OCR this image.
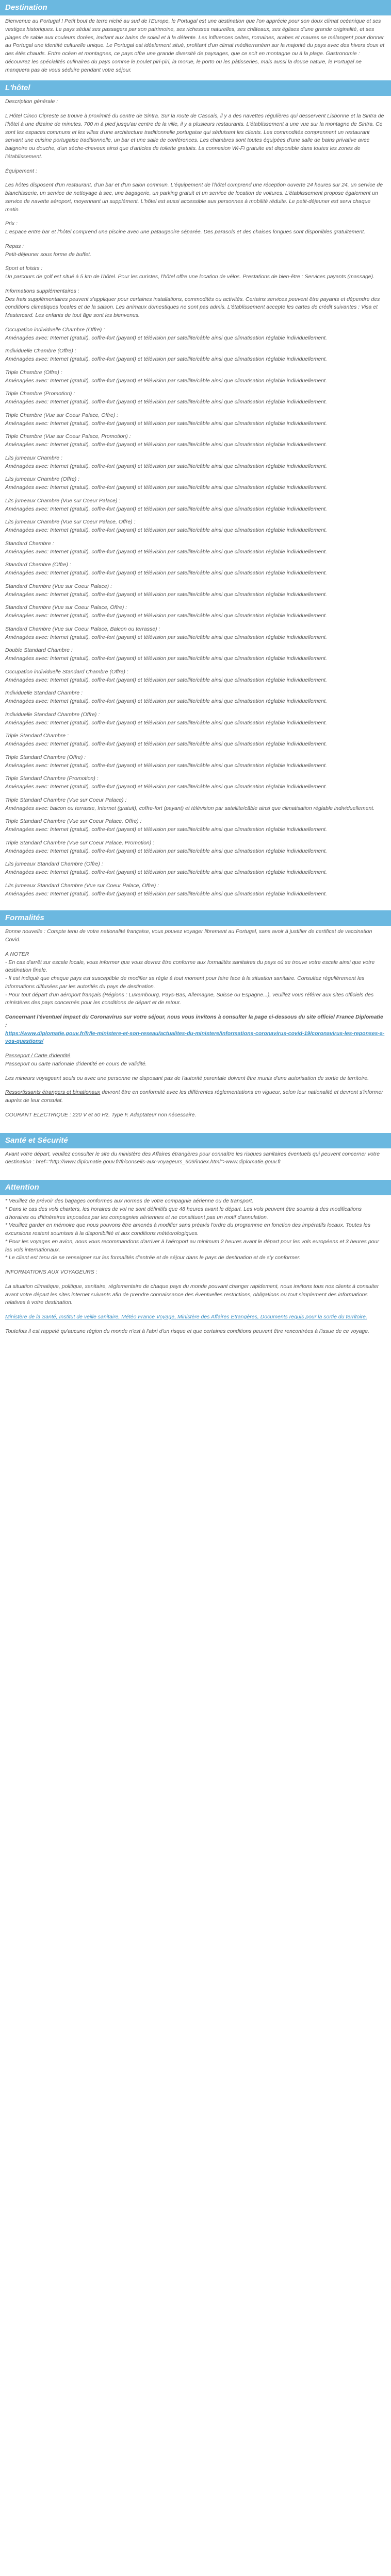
Destination

Bienvenue au Portugal ! Petit bout de terre niché au sud de l'Europe, le Portugal est une destination que l'on apprécie pour son doux climat océanique et ses vestiges historiques. Le pays séduit ses passagers par son patrimoine, ses richesses naturelles, ses châteaux, ses églises d'une grande originalité, et ses plages de sable aux couleurs dorées, invitant aux bains de soleil et à la détente. Les influences celtes, romaines, arabes et maures se mélangent pour donner au Portugal une identité culturelle unique. Le Portugal est idéalement situé, profitant d'un climat méditerranéen sur la majorité du pays avec des hivers doux et des étés chauds. Entre océan et montagnes, ce pays offre une grande diversité de paysages, que ce soit en montagne ou à la plage. Gastronomie : découvrez les spécialités culinaires du pays comme le poulet piri-piri, la morue, le porto ou les pâtisseries, mais aussi la douce nature, le Portugal ne manquera pas de vous séduire pendant votre séjour.

L'hôtel

Description générale :

L'Hôtel Cinco Cipreste se trouve à proximité du centre de Sintra. Sur la route de Cascais, il y a des navettes régulières qui desservent Lisbonne et la Sintra de l'hôtel à une dizaine de minutes. 700 m à pied jusqu'au centre de la ville, il y a plusieurs restaurants. L'établissement a une vue sur la montagne de Sintra. Ce sont les espaces communs et les villas d'une architecture traditionnelle portugaise qui séduisent les clients. Les commodités comprennent un restaurant servant une cuisine portugaise traditionnelle, un bar et une salle de conférences. Les chambres sont toutes équipées d'une salle de bains privative avec baignoire ou douche, d'un sèche-cheveux ainsi que d'articles de toilette gratuits. La connexion Wi-Fi gratuite est disponible dans toutes les zones de l'établissement.

Équipement :

Les hôtes disposent d'un restaurant, d'un bar et d'un salon commun. L'équipement de l'hôtel comprend une réception ouverte 24 heures sur 24, un service de blanchisserie, un service de nettoyage à sec, une bagagerie, un parking gratuit et un service de location de voitures. L'établissement propose également un service de navette aéroport, moyennant un supplément. L'hôtel est aussi accessible aux personnes à mobilité réduite. Le petit-déjeuner est servi chaque matin.

Prix :
L'espace entre bar et l'hôtel comprend une piscine avec une pataugeoire séparée. Des parasols et des chaises longues sont disponibles gratuitement.
Repas :
Petit-déjeuner sous forme de buffet.
Sport et loisirs :
Un parcours de golf est situé à 5 km de l'hôtel. Pour les curistes, l'hôtel offre une location de vélos. Prestations de bien-être : Services payants (massage).
Informations supplémentaires :
Des frais supplémentaires peuvent s'appliquer pour certaines installations, commodités ou activités. Certains services peuvent être payants et dépendre des conditions climatiques locales et de la saison. Les animaux domestiques ne sont pas admis. L'établissement accepte les cartes de crédit suivantes : Visa et Mastercard. Les enfants de tout âge sont les bienvenus.
Occupation individuelle Chambre (Offre) :
Aménagées avec: Internet (gratuit), coffre-fort (payant) et télévision par satellite/câble ainsi que climatisation réglable individuellement.
Individuelle Chambre (Offre) :
Aménagées avec: Internet (gratuit), coffre-fort (payant) et télévision par satellite/câble ainsi que climatisation réglable individuellement.
Triple Chambre (Offre) :
Aménagées avec: Internet (gratuit), coffre-fort (payant) et télévision par satellite/câble ainsi que climatisation réglable individuellement.
Triple Chambre (Promotion) :
Aménagées avec: Internet (gratuit), coffre-fort (payant) et télévision par satellite/câble ainsi que climatisation réglable individuellement.
Triple Chambre (Vue sur Coeur Palace, Offre) :
Aménagées avec: Internet (gratuit), coffre-fort (payant) et télévision par satellite/câble ainsi que climatisation réglable individuellement.
Triple Chambre (Vue sur Coeur Palace, Promotion) :
Aménagées avec: Internet (gratuit), coffre-fort (payant) et télévision par satellite/câble ainsi que climatisation réglable individuellement.
Lits jumeaux Chambre :
Aménagées avec: Internet (gratuit), coffre-fort (payant) et télévision par satellite/câble ainsi que climatisation réglable individuellement.
Lits jumeaux Chambre (Offre) :
Aménagées avec: Internet (gratuit), coffre-fort (payant) et télévision par satellite/câble ainsi que climatisation réglable individuellement.
Lits jumeaux Chambre (Vue sur Coeur Palace) :
Aménagées avec: Internet (gratuit), coffre-fort (payant) et télévision par satellite/câble ainsi que climatisation réglable individuellement.
Lits jumeaux Chambre (Vue sur Coeur Palace, Offre) :
Aménagées avec: Internet (gratuit), coffre-fort (payant) et télévision par satellite/câble ainsi que climatisation réglable individuellement.
Standard Chambre :
Aménagées avec: Internet (gratuit), coffre-fort (payant) et télévision par satellite/câble ainsi que climatisation réglable individuellement.
Standard Chambre (Offre) :
Aménagées avec: Internet (gratuit), coffre-fort (payant) et télévision par satellite/câble ainsi que climatisation réglable individuellement.
Standard Chambre (Vue sur Coeur Palace) :
Aménagées avec: Internet (gratuit), coffre-fort (payant) et télévision par satellite/câble ainsi que climatisation réglable individuellement.
Standard Chambre (Vue sur Coeur Palace, Offre) :
Aménagées avec: Internet (gratuit), coffre-fort (payant) et télévision par satellite/câble ainsi que climatisation réglable individuellement.
Standard Chambre (Vue sur Coeur Palace, Balcon ou terrasse) :
Aménagées avec: Internet (gratuit), coffre-fort (payant) et télévision par satellite/câble ainsi que climatisation réglable individuellement.
Double Standard Chambre :
Aménagées avec: Internet (gratuit), coffre-fort (payant) et télévision par satellite/câble ainsi que climatisation réglable individuellement.
Occupation individuelle Standard Chambre (Offre) :
Aménagées avec: Internet (gratuit), coffre-fort (payant) et télévision par satellite/câble ainsi que climatisation réglable individuellement.
Individuelle Standard Chambre :
Aménagées avec: Internet (gratuit), coffre-fort (payant) et télévision par satellite/câble ainsi que climatisation réglable individuellement.
Individuelle Standard Chambre (Offre) :
Aménagées avec: Internet (gratuit), coffre-fort (payant) et télévision par satellite/câble ainsi que climatisation réglable individuellement.
Triple Standard Chambre :
Aménagées avec: Internet (gratuit), coffre-fort (payant) et télévision par satellite/câble ainsi que climatisation réglable individuellement.
Triple Standard Chambre (Offre) :
Aménagées avec: Internet (gratuit), coffre-fort (payant) et télévision par satellite/câble ainsi que climatisation réglable individuellement.
Triple Standard Chambre (Promotion) :
Aménagées avec: Internet (gratuit), coffre-fort (payant) et télévision par satellite/câble ainsi que climatisation réglable individuellement.
Triple Standard Chambre (Vue sur Coeur Palace) :
Aménagées avec: balcon ou terrasse, Internet (gratuit), coffre-fort (payant) et télévision par satellite/câble ainsi que climatisation réglable individuellement.
Triple Standard Chambre (Vue sur Coeur Palace, Offre) :
Aménagées avec: Internet (gratuit), coffre-fort (payant) et télévision par satellite/câble ainsi que climatisation réglable individuellement.
Triple Standard Chambre (Vue sur Coeur Palace, Promotion) :
Aménagées avec: Internet (gratuit), coffre-fort (payant) et télévision par satellite/câble ainsi que climatisation réglable individuellement.
Lits jumeaux Standard Chambre (Offre) :
Aménagées avec: Internet (gratuit), coffre-fort (payant) et télévision par satellite/câble ainsi que climatisation réglable individuellement.
Lits jumeaux Standard Chambre (Vue sur Coeur Palace, Offre) :
Aménagées avec: Internet (gratuit), coffre-fort (payant) et télévision par satellite/câble ainsi que climatisation réglable individuellement.
Formalités

Bonne nouvelle : Compte tenu de votre nationalité française, vous pouvez voyager librement au Portugal, sans avoir à justifier de certificat de vaccination Covid.

A NOTER
- En cas d'arrêt sur escale locale, vous informer que vous devrez être conforme aux formalités sanitaires du pays où se trouve votre escale ainsi que votre destination finale.
- Il est indiqué que chaque pays est susceptible de modifier sa règle à tout moment pour faire face à la situation sanitaire. Consultez régulièrement les informations diffusées par les autorités du pays de destination.
- Pour tout départ d'un aéroport français (Régions : Luxembourg, Pays-Bas, Allemagne, Suisse ou Espagne...), veuillez vous référer aux sites officiels des ministères des pays concernés pour les conditions de départ et de retour.

Concernant l'éventuel impact du Coronavirus sur votre séjour, nous vous invitons à consulter la page ci-dessous du site officiel France Diplomatie :
https://www.diplomatie.gouv.fr/fr/le-ministere-et-son-reseau/actualites-du-ministere/informations-coronavirus-covid-19/coronavirus-les-reponses-a-vos-questions/

Passeport / Carte d'identité
Passeport ou carte nationale d'identité en cours de validité.

Les mineurs voyageant seuls ou avec une personne ne disposant pas de l'autorité parentale doivent être munis d'une autorisation de sortie de territoire.

Ressortissants étrangers et binationaux devront être en conformité avec les différentes réglementations en vigueur, selon leur nationalité et devront s'informer auprès de leur consulat.

COURANT ELECTRIQUE : 220 V et 50 Hz. Type F. Adaptateur non nécessaire.

Santé et Sécurité

Avant votre départ, veuillez consulter le site du ministère des Affaires étrangères pour connaître les risques sanitaires éventuels qui peuvent concerner votre destination : href="http://www.diplomatie.gouv.fr/fr/conseils-aux-voyageurs_909/index.html">www.diplomatie.gouv.fr

Attention
* Veuillez de prévoir des bagages conformes aux normes de votre compagnie aérienne ou de transport.
* Dans le cas des vols charters, les horaires de vol ne sont définitifs que 48 heures avant le départ. Les vols peuvent être soumis à des modifications d'horaires ou d'itinéraires imposées par les compagnies aériennes et ne constituent pas un motif d'annulation.
* Veuillez garder en mémoire que nous pouvons être amenés à modifier sans préavis l'ordre du programme en fonction des impératifs locaux. Toutes les excursions restent soumises à la disponibilité et aux conditions météorologiques.
* Pour les voyages en avion, nous vous recommandons d'arriver à l'aéroport au minimum 2 heures avant le départ pour les vols européens et 3 heures pour les vols internationaux.
* Le client est tenu de se renseigner sur les formalités d'entrée et de séjour dans le pays de destination et de s'y conformer.

INFORMATIONS AUX VOYAGEURS :

La situation climatique, politique, sanitaire, réglementaire de chaque pays du monde pouvant changer rapidement, nous invitons tous nos clients à consulter avant votre départ les sites internet suivants afin de prendre connaissance des éventuelles restrictions, obligations ou tout simplement des informations relatives à votre destination.

Ministère de la Santé, Institut de veille sanitaire, Météo France Voyage, Ministère des Affaires Étrangères, Documents requis pour la sortie du territoire.

Toutefois il est rappelé qu'aucune région du monde n'est à l'abri d'un risque et que certaines conditions peuvent être rencontrées à l'issue de ce voyage.
